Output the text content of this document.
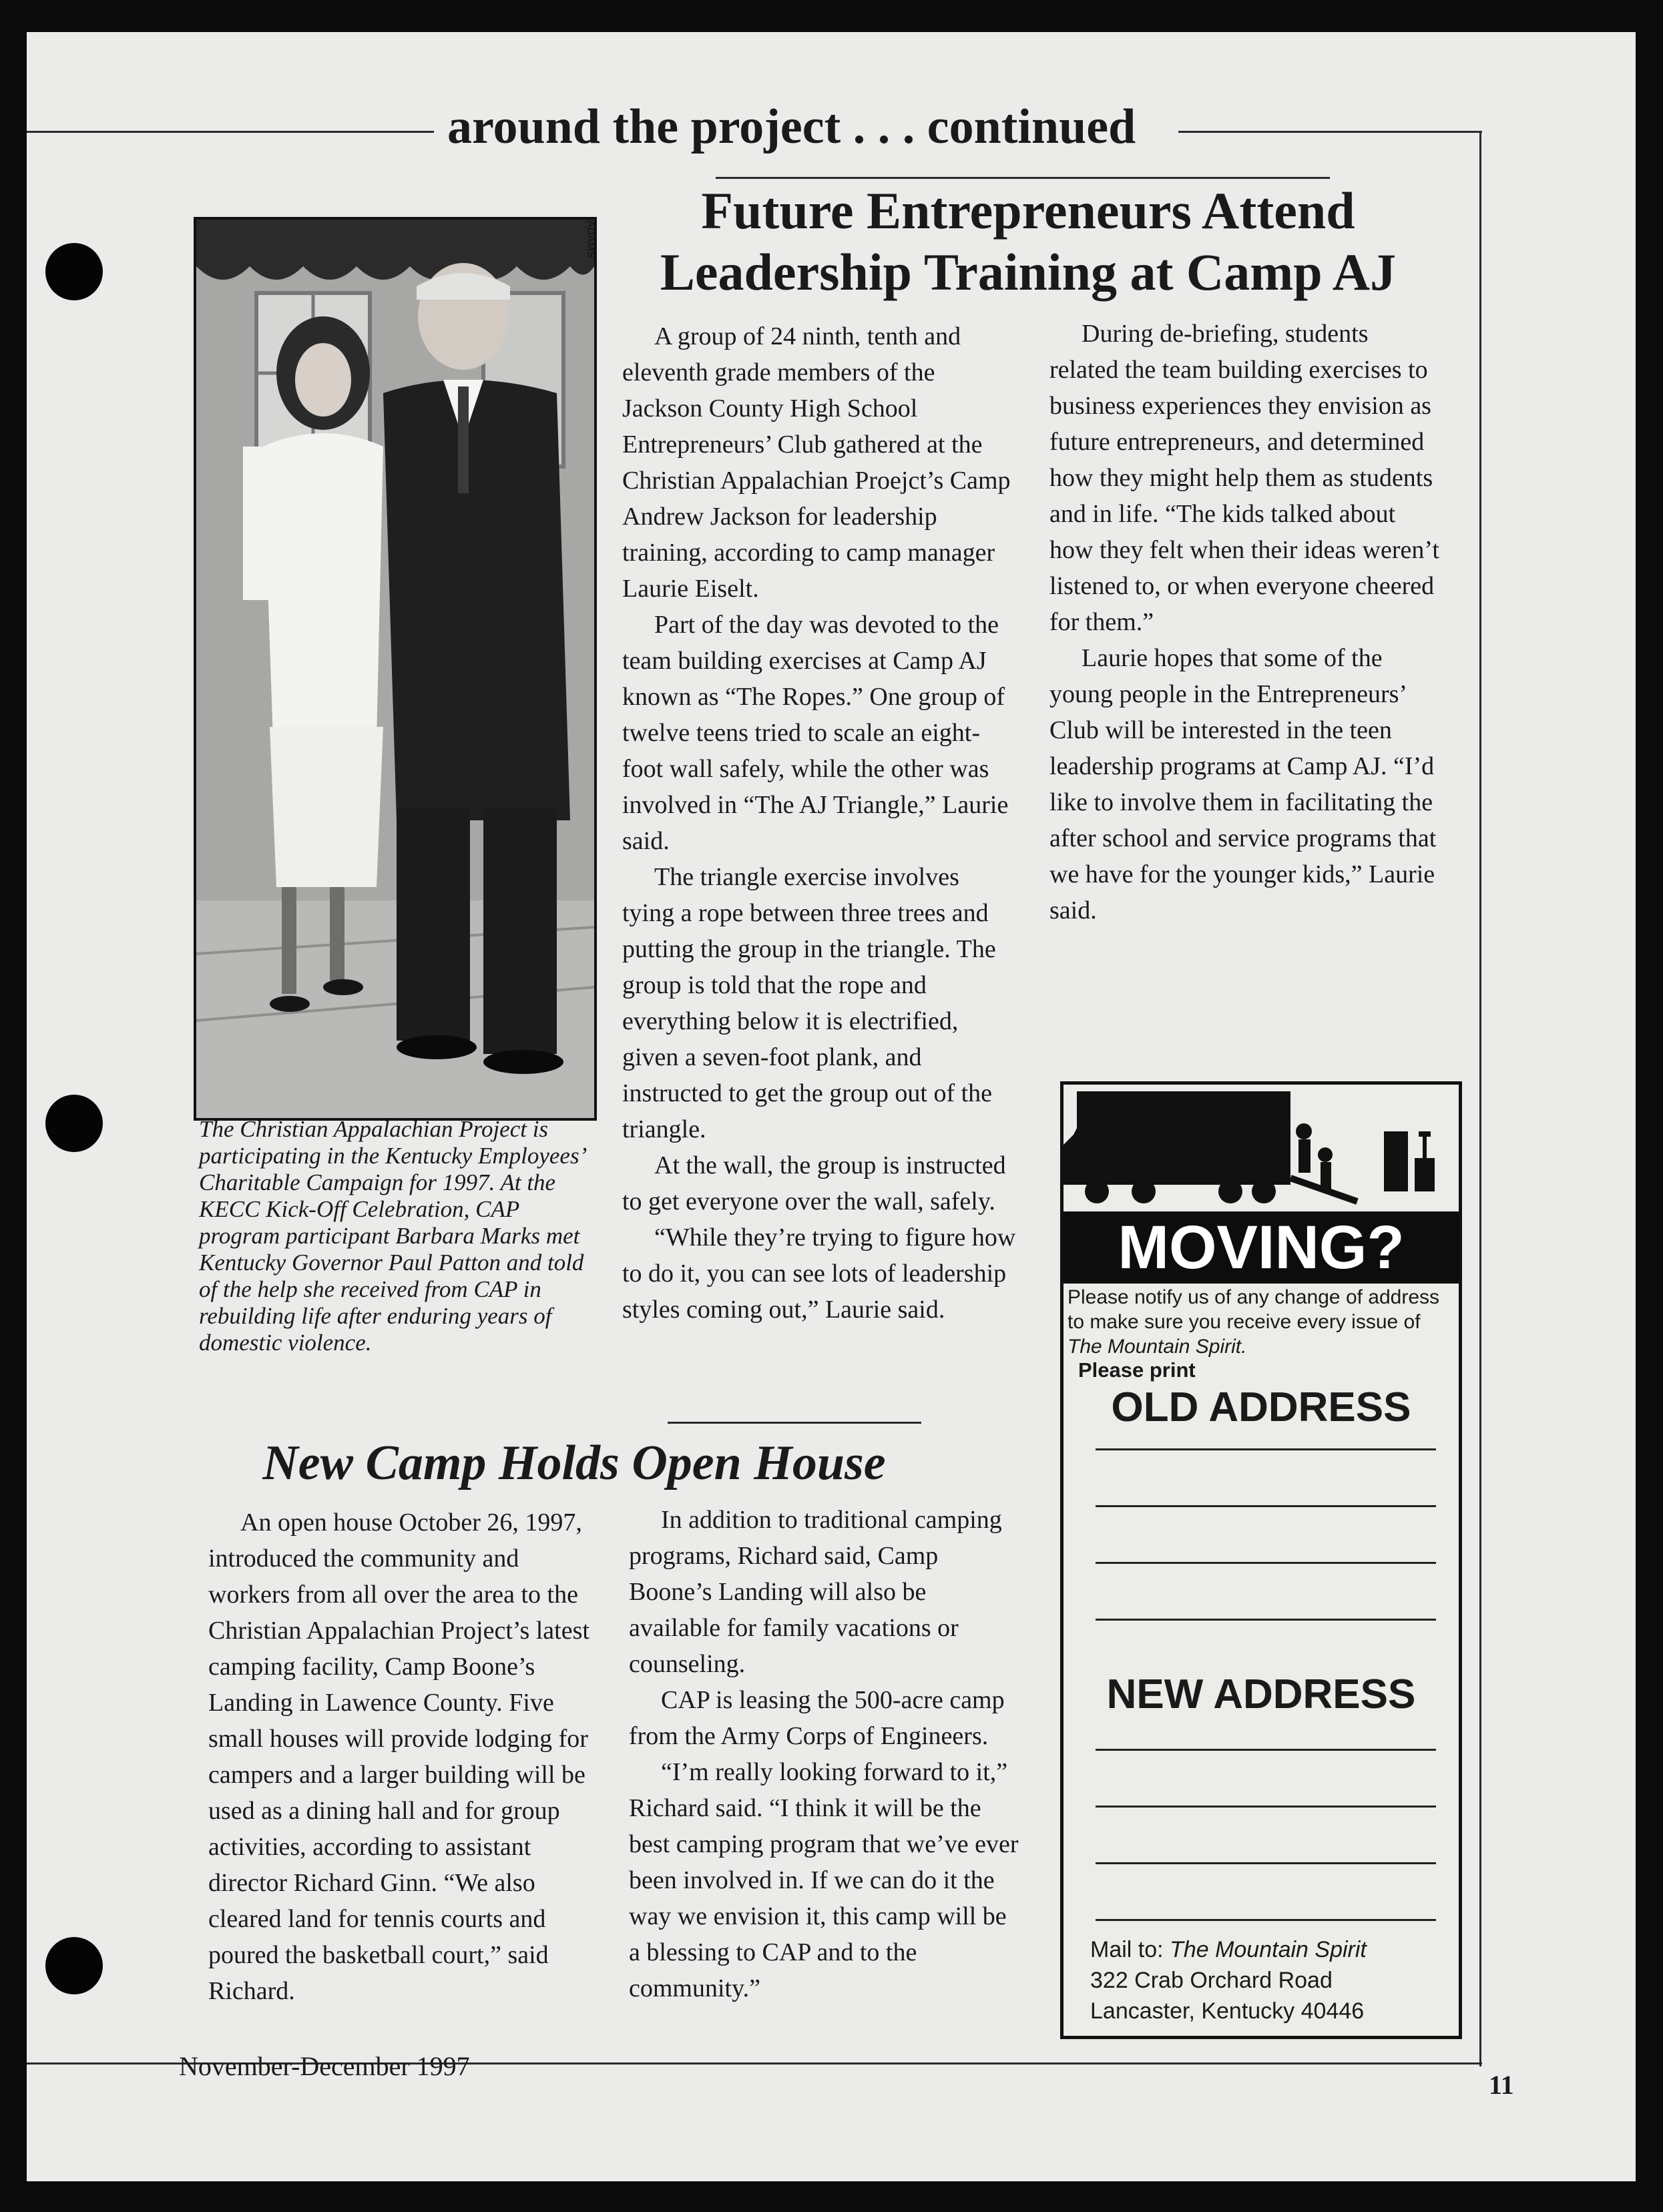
around the project . . . continued
Future Entrepreneurs Attend
Leadership Training at Camp AJ
ADAMS
The Christian Appalachian Project is participating in the Kentucky Employees’ Charitable Campaign for 1997. At the KECC Kick-Off Celebration, CAP program participant Barbara Marks met Kentucky Governor Paul Patton and told of the help she received from CAP in rebuilding life after enduring years of domestic violence.

A group of 24 ninth, tenth and eleventh grade members of the Jackson County High School Entrepreneurs’ Club gathered at the Christian Appalachian Proejct’s Camp Andrew Jackson for leadership training, according to camp manager Laurie Eiselt.

Part of the day was devoted to the team building exercises at Camp AJ known as “The Ropes.” One group of twelve teens tried to scale an eight-foot wall safely, while the other was involved in “The AJ Triangle,” Laurie said.

The triangle exercise involves tying a rope between three trees and putting the group in the triangle. The group is told that the rope and everything below it is electrified, given a seven-foot plank, and instructed to get the group out of the triangle.

At the wall, the group is instructed to get everyone over the wall, safely.

“While they’re trying to figure how to do it, you can see lots of leadership styles coming out,” Laurie said.

During de-briefing, students related the team building exercises to business experiences they envision as future entrepreneurs, and determined how they might help them as students and in life. “The kids talked about how they felt when their ideas weren’t listened to, or when everyone cheered for them.”

Laurie hopes that some of the young people in the Entrepreneurs’ Club will be interested in the teen leadership programs at Camp AJ. “I’d like to involve them in facilitating the after school and service programs that we have for the younger kids,” Laurie said.

New Camp Holds Open House

An open house October 26, 1997, introduced the community and workers from all over the area to the Christian Appalachian Project’s latest camping facility, Camp Boone’s Landing in Lawence County. Five small houses will provide lodging for campers and a larger building will be used as a dining hall and for group activities, according to assistant director Richard Ginn. “We also cleared land for tennis courts and poured the basketball court,” said Richard.

In addition to traditional camping programs, Richard said, Camp Boone’s Landing will also be available for family vacations or counseling.

CAP is leasing the 500-acre camp from the Army Corps of Engineers.

“I’m really looking forward to it,” Richard said. “I think it will be the best camping program that we’ve ever been involved in. If we can do it the way we envision it, this camp will be a blessing to CAP and to the community.”

MOVING?
Please notify us of any change of address to make sure you receive every issue of The Mountain Spirit.
Please print
OLD ADDRESS
NEW ADDRESS
Mail to: The Mountain Spirit
322 Crab Orchard Road
Lancaster, Kentucky 40446
November-December 1997
11
